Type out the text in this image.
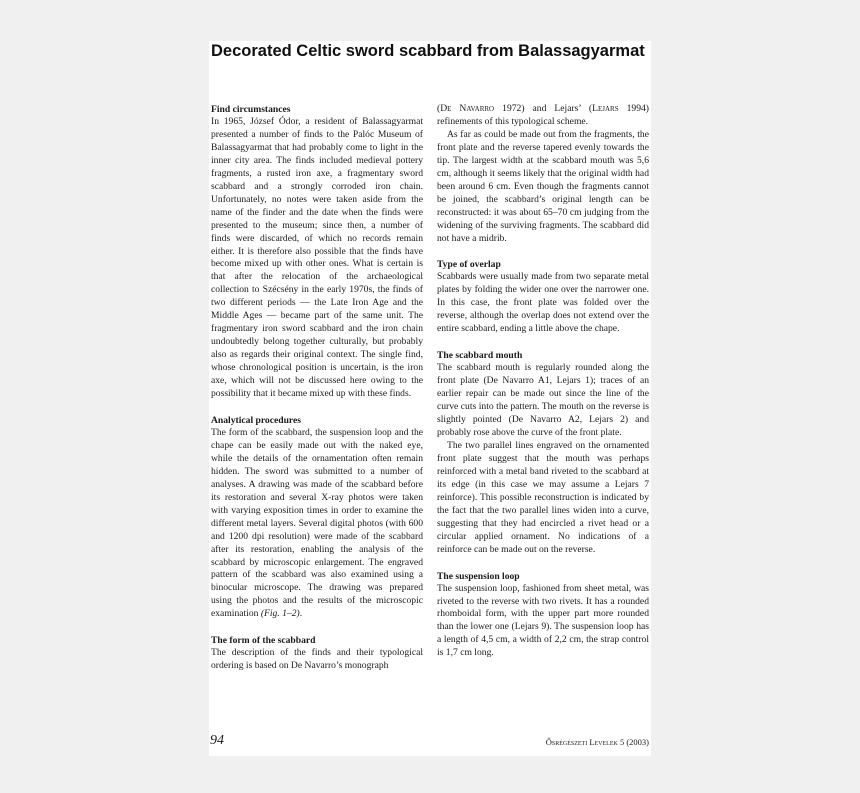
Decorated Celtic sword scabbard from Balassagyarmat
Find circumstances

In 1965, József Ódor, a resident of Balassagyarmat presented a number of finds to the Palóc Museum of Balassagyarmat that had probably come to light in the inner city area. The finds included medieval pottery fragments, a rusted iron axe, a fragmentary sword scabbard and a strongly corroded iron chain. Unfortunately, no notes were taken aside from the name of the finder and the date when the finds were presented to the museum; since then, a number of finds were discarded, of which no records remain either. It is therefore also possible that the finds have become mixed up with other ones. What is certain is that after the relocation of the archaeological collection to Szécsény in the early 1970s, the finds of two different periods — the Late Iron Age and the Middle Ages — became part of the same unit. The fragmentary iron sword scabbard and the iron chain undoubtedly belong together culturally, but probably also as regards their original context. The single find, whose chronological position is uncertain, is the iron axe, which will not be discussed here owing to the possibility that it became mixed up with these finds.

Analytical procedures

The form of the scabbard, the suspension loop and the chape can be easily made out with the naked eye, while the details of the ornamentation often remain hidden. The sword was submitted to a number of analyses. A drawing was made of the scabbard before its restoration and several X-ray photos were taken with varying exposition times in order to examine the different metal layers. Several digital photos (with 600 and 1200 dpi resolution) were made of the scabbard after its restoration, enabling the analysis of the scabbard by microscopic enlargement. The engraved pattern of the scabbard was also examined using a binocular microscope. The drawing was prepared using the photos and the results of the microscopic examination (Fig. 1–2).

The form of the scabbard

The description of the finds and their typological ordering is based on De Navarro’s monograph

(De Navarro 1972) and Lejars’ (Lejars 1994) refinements of this typological scheme.

As far as could be made out from the fragments, the front plate and the reverse tapered evenly towards the tip. The largest width at the scabbard mouth was 5,6 cm, although it seems likely that the original width had been around 6 cm. Even though the fragments cannot be joined, the scabbard’s original length can be reconstructed: it was about 65–70 cm judging from the widening of the surviving fragments. The scabbard did not have a midrib.

Type of overlap

Scabbards were usually made from two separate metal plates by folding the wider one over the narrower one. In this case, the front plate was folded over the reverse, although the overlap does not extend over the entire scabbard, ending a little above the chape.

The scabbard mouth

The scabbard mouth is regularly rounded along the front plate (De Navarro A1, Lejars 1); traces of an earlier repair can be made out since the line of the curve cuts into the pattern. The mouth on the reverse is slightly pointed (De Navarro A2, Lejars 2) and probably rose above the curve of the front plate.

The two parallel lines engraved on the ornamented front plate suggest that the mouth was perhaps reinforced with a metal band riveted to the scabbard at its edge (in this case we may assume a Lejars 7 reinforce). This possible reconstruction is indicated by the fact that the two parallel lines widen into a curve, suggesting that they had encircled a rivet head or a circular applied ornament. No indications of a reinforce can be made out on the reverse.

The suspension loop

The suspension loop, fashioned from sheet metal, was riveted to the reverse with two rivets. It has a rounded rhomboidal form, with the upper part more rounded than the lower one (Lejars 9). The suspension loop has a length of 4,5 cm, a width of 2,2 cm, the strap control is 1,7 cm long.

94	Ősrégészeti Levelek 5 (2003)
